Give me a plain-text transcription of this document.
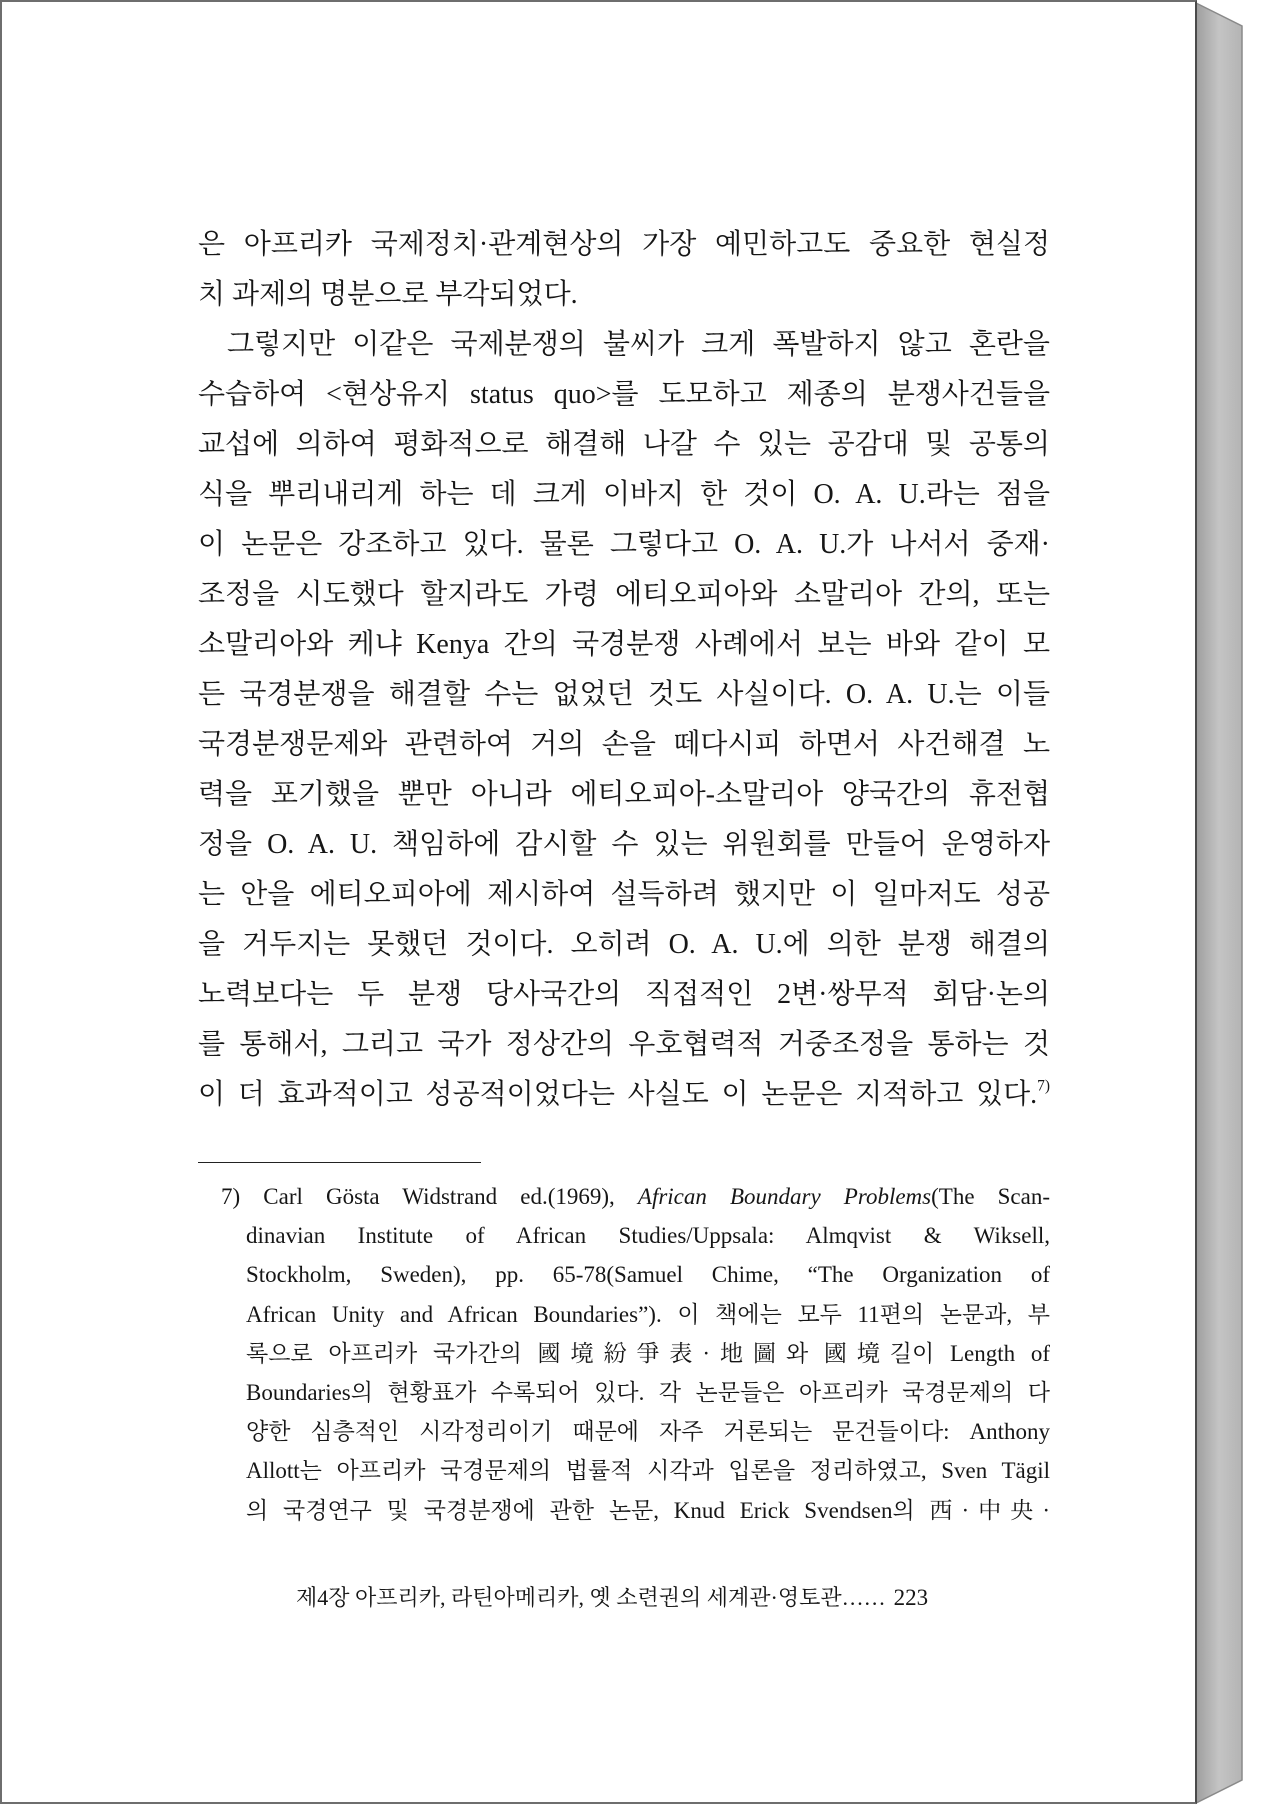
은 아프리카 국제정치·관계현상의 가장 예민하고도 중요한 현실정
치 과제의 명분으로 부각되었다.
그렇지만 이같은 국제분쟁의 불씨가 크게 폭발하지 않고 혼란을
수습하여 <현상유지 status quo>를 도모하고 제종의 분쟁사건들을
교섭에 의하여 평화적으로 해결해 나갈 수 있는 공감대 및 공통의
식을 뿌리내리게 하는 데 크게 이바지 한 것이 O. A. U.라는 점을
이 논문은 강조하고 있다. 물론 그렇다고 O. A. U.가 나서서 중재·
조정을 시도했다 할지라도 가령 에티오피아와 소말리아 간의, 또는
소말리아와 케냐 Kenya 간의 국경분쟁 사례에서 보는 바와 같이 모
든 국경분쟁을 해결할 수는 없었던 것도 사실이다. O. A. U.는 이들
국경분쟁문제와 관련하여 거의 손을 떼다시피 하면서 사건해결 노
력을 포기했을 뿐만 아니라 에티오피아-소말리아 양국간의 휴전협
정을 O. A. U. 책임하에 감시할 수 있는 위원회를 만들어 운영하자
는 안을 에티오피아에 제시하여 설득하려 했지만 이 일마저도 성공
을 거두지는 못했던 것이다. 오히려 O. A. U.에 의한 분쟁 해결의
노력보다는 두 분쟁 당사국간의 직접적인 2변·쌍무적 회담·논의
를 통해서, 그리고 국가 정상간의 우호협력적 거중조정을 통하는 것
이 더 효과적이고 성공적이었다는 사실도 이 논문은 지적하고 있다.$^{7)}$
7) Carl Gösta Widstrand ed.(1969), African Boundary Problems(The Scan-
dinavian Institute of African Studies/Uppsala: Almqvist & Wiksell,
Stockholm, Sweden), pp. 65-78(Samuel Chime, “The Organization of
African Unity and African Boundaries”). 이 책에는 모두 11편의 논문과, 부
록으로 아프리카 국가간의 國境紛爭表·地圖와 國境길이 Length of
Boundaries의 현황표가 수록되어 있다. 각 논문들은 아프리카 국경문제의 다
양한 심층적인 시각정리이기 때문에 자주 거론되는 문건들이다: Anthony
Allott는 아프리카 국경문제의 법률적 시각과 입론을 정리하였고, Sven Tägil
의 국경연구 및 국경분쟁에 관한 논문, Knud Erick Svendsen의 西·中央·
제4장 아프리카, 라틴아메리카, 옛 소련권의 세계관·영토관…… 223
